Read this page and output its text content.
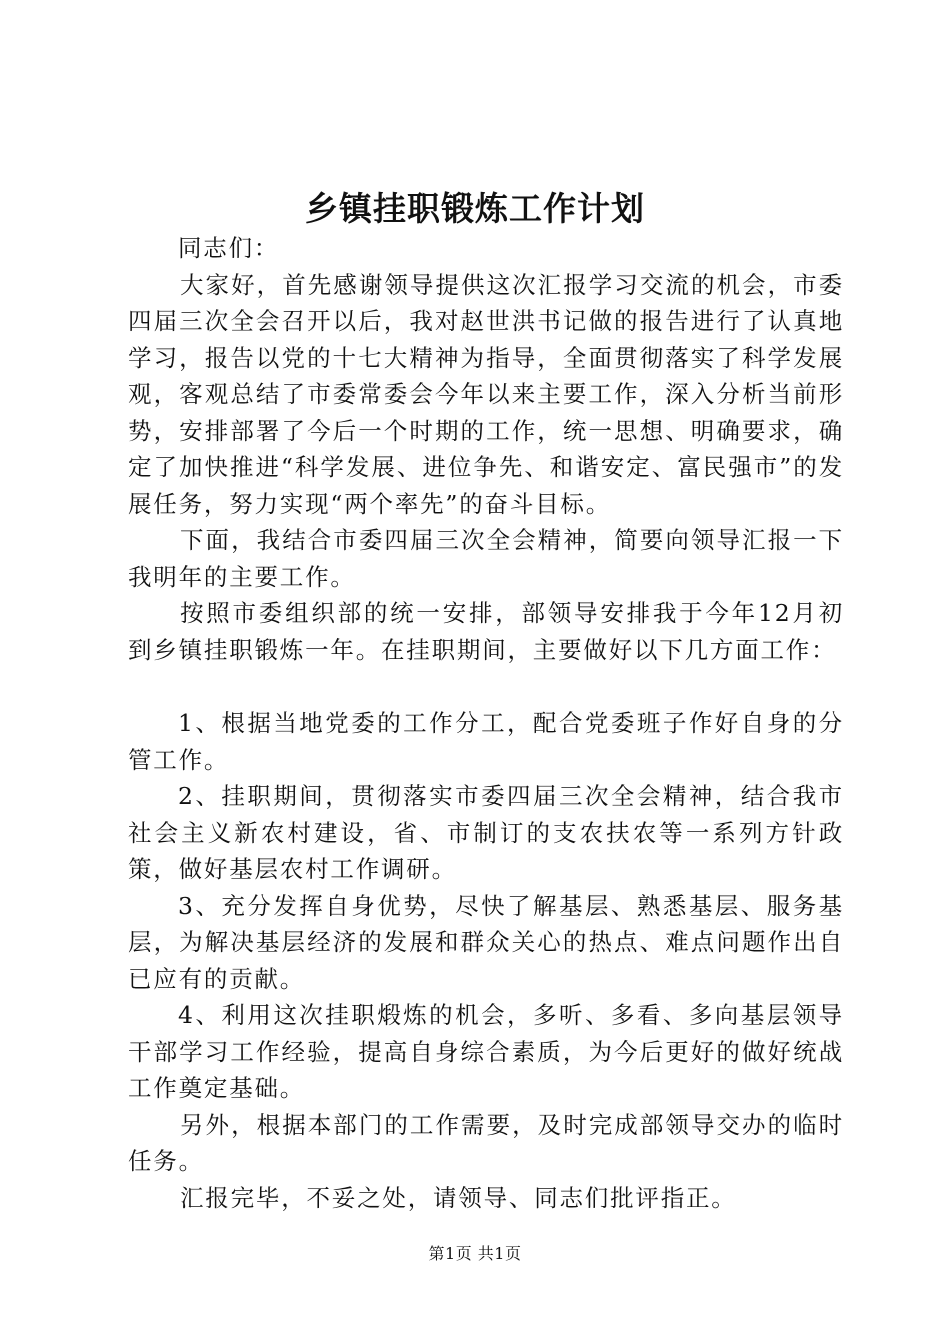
乡镇挂职锻炼工作计划

同志们：

大家好，首先感谢领导提供这次汇报学习交流的机会，市委四届三次全会召开以后，我对赵世洪书记做的报告进行了认真地学习，报告以党的十七大精神为指导，全面贯彻落实了科学发展观，客观总结了市委常委会今年以来主要工作，深入分析当前形势，安排部署了今后一个时期的工作，统一思想、明确要求，确定了加快推进“科学发展、进位争先、和谐安定、富民强市”的发展任务，努力实现“两个率先”的奋斗目标。

下面，我结合市委四届三次全会精神，简要向领导汇报一下我明年的主要工作。

按照市委组织部的统一安排，部领导安排我于今年12月初到乡镇挂职锻炼一年。在挂职期间，主要做好以下几方面工作：

1、根据当地党委的工作分工，配合党委班子作好自身的分管工作。

2、挂职期间，贯彻落实市委四届三次全会精神，结合我市社会主义新农村建设，省、市制订的支农扶农等一系列方针政策，做好基层农村工作调研。

3、充分发挥自身优势，尽快了解基层、熟悉基层、服务基层，为解决基层经济的发展和群众关心的热点、难点问题作出自已应有的贡献。

4、利用这次挂职煅炼的机会，多听、多看、多向基层领导干部学习工作经验，提高自身综合素质，为今后更好的做好统战工作奠定基础。

另外，根据本部门的工作需要，及时完成部领导交办的临时任务。

汇报完毕，不妥之处，请领导、同志们批评指正。

第1页 共1页
